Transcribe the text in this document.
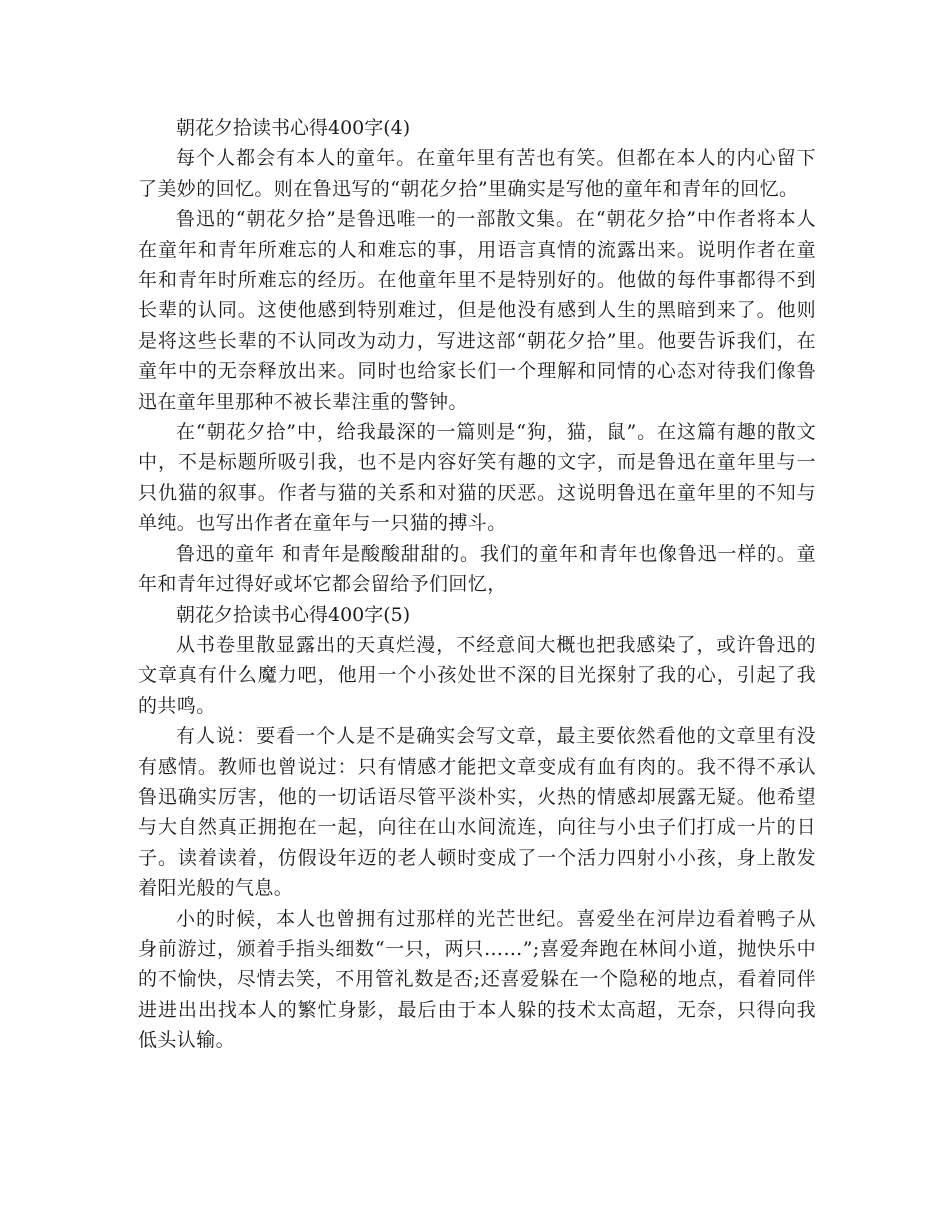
朝花夕拾读书心得400字(4)

每个人都会有本人的童年。在童年里有苦也有笑。但都在本人的内心留下了美妙的回忆。则在鲁迅写的“朝花夕拾”里确实是写他的童年和青年的回忆。

鲁迅的“朝花夕拾”是鲁迅唯一的一部散文集。在“朝花夕拾”中作者将本人在童年和青年所难忘的人和难忘的事，用语言真情的流露出来。说明作者在童年和青年时所难忘的经历。在他童年里不是特别好的。他做的每件事都得不到长辈的认同。这使他感到特别难过，但是他没有感到人生的黑暗到来了。他则是将这些长辈的不认同改为动力，写进这部“朝花夕拾”里。他要告诉我们，在童年中的无奈释放出来。同时也给家长们一个理解和同情的心态对待我们像鲁迅在童年里那种不被长辈注重的警钟。

在“朝花夕拾”中，给我最深的一篇则是“狗，猫，鼠”。在这篇有趣的散文中，不是标题所吸引我，也不是内容好笑有趣的文字，而是鲁迅在童年里与一只仇猫的叙事。作者与猫的关系和对猫的厌恶。这说明鲁迅在童年里的不知与单纯。也写出作者在童年与一只猫的搏斗。

鲁迅的童年 和青年是酸酸甜甜的。我们的童年和青年也像鲁迅一样的。童年和青年过得好或坏它都会留给予们回忆，

朝花夕拾读书心得400字(5)

从书卷里散显露出的天真烂漫，不经意间大概也把我感染了，或许鲁迅的文章真有什么魔力吧，他用一个小孩处世不深的目光探射了我的心，引起了我的共鸣。

有人说：要看一个人是不是确实会写文章，最主要依然看他的文章里有没有感情。教师也曾说过：只有情感才能把文章变成有血有肉的。我不得不承认鲁迅确实厉害，他的一切话语尽管平淡朴实，火热的情感却展露无疑。他希望与大自然真正拥抱在一起，向往在山水间流连，向往与小虫子们打成一片的日子。读着读着，仿假设年迈的老人顿时变成了一个活力四射小小孩，身上散发着阳光般的气息。

小的时候，本人也曾拥有过那样的光芒世纪。喜爱坐在河岸边看着鸭子从身前游过，颁着手指头细数“一只，两只……”;喜爱奔跑在林间小道，抛快乐中的不愉快，尽情去笑，不用管礼数是否;还喜爱躲在一个隐秘的地点，看着同伴进进出出找本人的繁忙身影，最后由于本人躲的技术太高超，无奈，只得向我低头认输。
